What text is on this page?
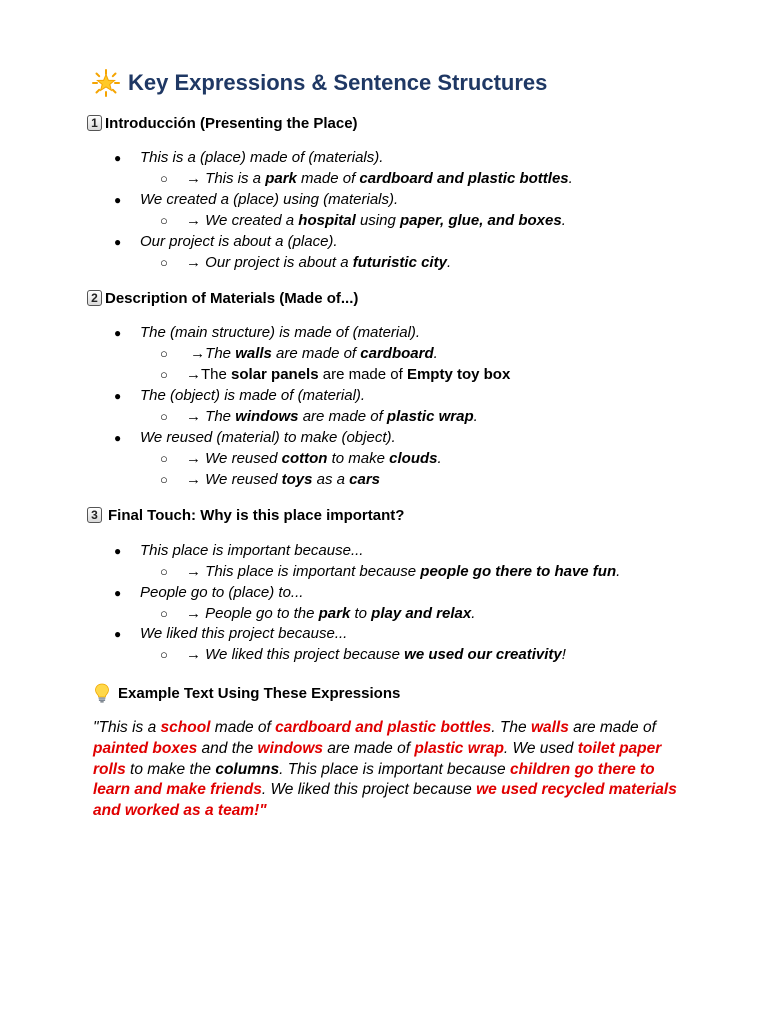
Key Expressions & Sentence Structures
1 Introducción (Presenting the Place)
● This is a (place) made of (materials).
○ → This is a park made of cardboard and plastic bottles.
● We created a (place) using (materials).
○ → We created a hospital using paper, glue, and boxes.
● Our project is about a (place).
○ → Our project is about a futuristic city.
2 Description of Materials (Made of...)
● The (main structure) is made of (material).
○ →The walls are made of cardboard.
○ →The solar panels are made of Empty toy box
● The (object) is made of (material).
○ → The windows are made of plastic wrap.
● We reused (material) to make (object).
○ → We reused cotton to make clouds.
○ → We reused toys as a cars
3 Final Touch: Why is this place important?
● This place is important because...
○ → This place is important because people go there to have fun.
● People go to (place) to...
○ → People go to the park to play and relax.
● We liked this project because...
○ → We liked this project because we used our creativity!
Example Text Using These Expressions
"This is a school made of cardboard and plastic bottles. The walls are made of painted boxes and the windows are made of plastic wrap. We used toilet paper rolls to make the columns. This place is important because children go there to learn and make friends. We liked this project because we used recycled materials and worked as a team!"
